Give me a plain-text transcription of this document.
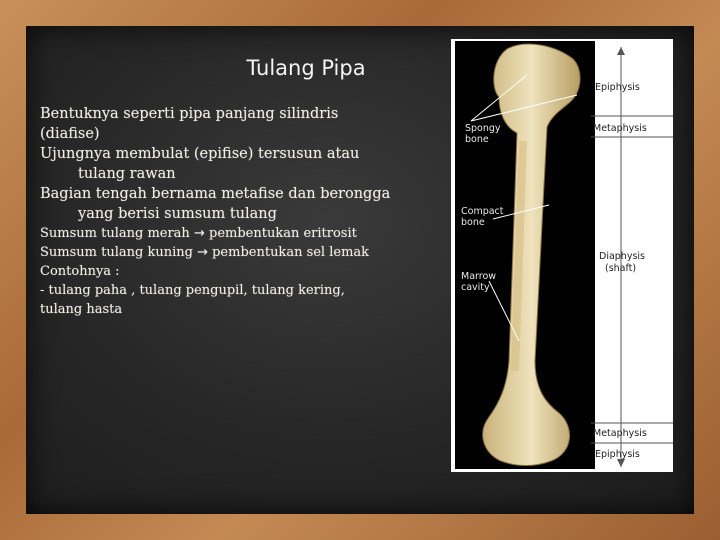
Tulang Pipa

Bentuknya seperti pipa panjang silindris
(diafise)

Ujungnya membulat (epifise) tersusun atau
tulang rawan

Bagian tengah bernama metafise dan berongga
yang berisi sumsum tulang

Sumsum tulang merah → pembentukan eritrosit

Sumsum tulang kuning → pembentukan sel lemak

Contohnya :

- tulang paha , tulang pengupil, tulang kering,
tulang hasta

Spongy
bone
Compact
bone
Marrow
cavity
Epiphysis
Metaphysis
Diaphysis
(shaft)
Metaphysis
Epiphysis
